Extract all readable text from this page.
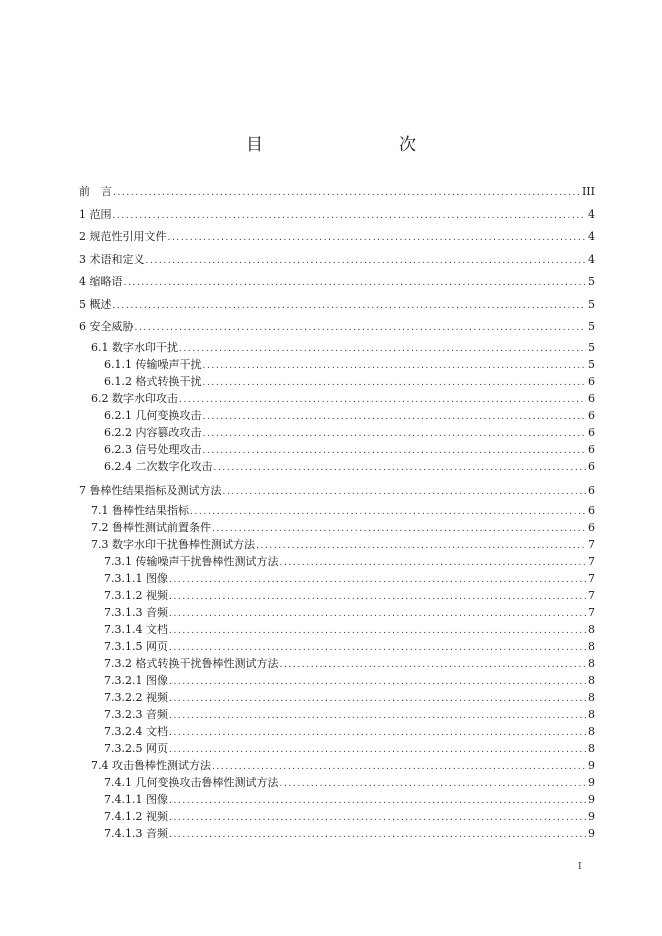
目　　次
前　言 .....	III
1 范围 .....	4
2 规范性引用文件 .....	4
3 术语和定义 .....	4
4 缩略语 .....	5
5 概述 .....	5
6 安全威胁 .....	5
6.1 数字水印干扰 .....	5
6.1.1 传输噪声干扰 .....	5
6.1.2 格式转换干扰 .....	6
6.2 数字水印攻击 .....	6
6.2.1 几何变换攻击 .....	6
6.2.2 内容篡改攻击 .....	6
6.2.3 信号处理攻击 .....	6
6.2.4 二次数字化攻击 .....	6
7 鲁棒性结果指标及测试方法 .....	6
7.1 鲁棒性结果指标 .....	6
7.2 鲁棒性测试前置条件 .....	6
7.3 数字水印干扰鲁棒性测试方法 .....	7
7.3.1 传输噪声干扰鲁棒性测试方法 .....	7
7.3.1.1 图像 .....	7
7.3.1.2 视频 .....	7
7.3.1.3 音频 .....	7
7.3.1.4 文档 .....	8
7.3.1.5 网页 .....	8
7.3.2 格式转换干扰鲁棒性测试方法 .....	8
7.3.2.1 图像 .....	8
7.3.2.2 视频 .....	8
7.3.2.3 音频 .....	8
7.3.2.4 文档 .....	8
7.3.2.5 网页 .....	8
7.4 攻击鲁棒性测试方法 .....	9
7.4.1 几何变换攻击鲁棒性测试方法 .....	9
7.4.1.1 图像 .....	9
7.4.1.2 视频 .....	9
7.4.1.3 音频 .....	9
I
